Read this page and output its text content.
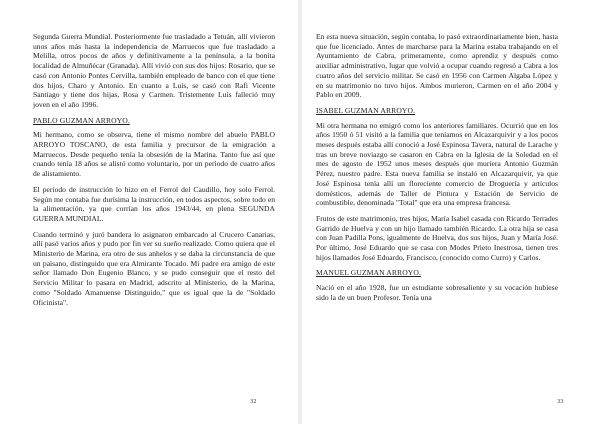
Segunda Guerra Mundial. Posteriormente fue trasladado a Tetuán, allí vivieron unos años más hasta la independencia de Marruecos que fue trasladado a Melilla, otros pocos de años y definitivamente a la península, a la bonita localidad de Almuñécar (Granada). Allí vivió con sus dos hijos: Rosario, que se casó con Antonio Pontes Cervilla, también empleado de banco con el que tiene dos hijos, Charo y Antonio. En cuanto a Luis, se casó con Rafi Vicente Santiago y tiene dos hijas, Rosa y Carmen. Tristemente Luis falleció muy joven en el año 1996.

PABLO GUZMAN ARROYO.

Mi hermano, como se observa, tiene el mismo nombre del abuelo PABLO ARROYO TOSCANO, de esta familia y precursor de la emigración a Marruecos. Desde pequeño tenía la obsesión de la Marina. Tanto fue así que cuando tenía 18 años se alistó como voluntario, por un periodo de cuatro años de alistamiento.

El periodo de instrucción lo hizo en el Ferrol del Caudillo, hoy solo Ferrol. Según me contaba fue durísima la instrucción, en todos aspectos, sobre todo en la alimentación, ya que corrían los años 1943/44, en plena SEGUNDA GUERRA MUNDIAL.

Cuando terminó y juró bandera lo asignaron embarcado al Crucero Canarias, allí pasó varios años y pudo por fin ver su sueño realizado. Como quiera que el Ministerio de Marina, era otro de sus anhelos y se daba la circunstancia de que un paisano, distinguido que era Almirante Tocado. Mi padre era amigo de este señor llamado Don Eugenio Blanco, y se pudo conseguir que el resto del Servicio Militar lo pasara en Madrid, adscrito al Ministerio, de la Marina, como "Soldado Amanuense Distinguido," que es igual que la de "Soldado Oficinista".

32

En esta nueva situación, según contaba, lo pasó extraordinariamente bien, hasta que fue licenciado. Antes de marcharse para la Marina estaba trabajando en el Ayuntamiento de Cabra, primeramente, como aprendiz y después como auxiliar administrativo, lugar que volvió a ocupar cuando regresó a Cabra a los cuatro años del servicio militar. Se casó en 1956 con Carmen Algaba López y en su matrimonio no tuvo hijos. Ambos murieron, Carmen en el año 2004 y Pablo en 2009.

ISABEL GUZMAN ARROYO.

Mi otra hermana no emigró como los anteriores familiares. Ocurrió que en los años 1950 ó 51 visitó a la familia que teníamos en Alcazarquivir y a los pocos meses después estaba allí conoció a José Espinosa Tavera, natural de Larache y tras un breve noviazgo se casaron en Cabra en la Iglesia de la Soledad en el mes de agosto de 1952 unos meses después que muriera Antonio Guzmán Pérez, nuestro padre. Esta nueva familia se instaló en Alcazarquivir, ya que José Espinosa tenía allí un floreciente comercio de Droguería y artículos domésticos, además de Taller de Pintura y Estación de Servicio de combustible, denominada "Total" que era una empresa francesa.

Frutos de este matrimonio, tres hijos, María Isabel casada con Ricardo Terrades Garrido de Huelva y con un hijo llamado también Ricardo. La otra hija se casa con Juan Padilla Pons, igualmente de Huelva, dos sus hijos, Juan y María José. Por último, José Eduardo que se casa con Modes Prieto Inestrosa, tienen tres hijos llamados José Eduardo, Francisco, (conocido como Curro) y Carlos.

MANUEL GUZMAN ARROYO.

Nació en el año 1928, fue un estudiante sobresaliente y su vocación hubiese sido la de un buen Profesor. Tenía una

33
